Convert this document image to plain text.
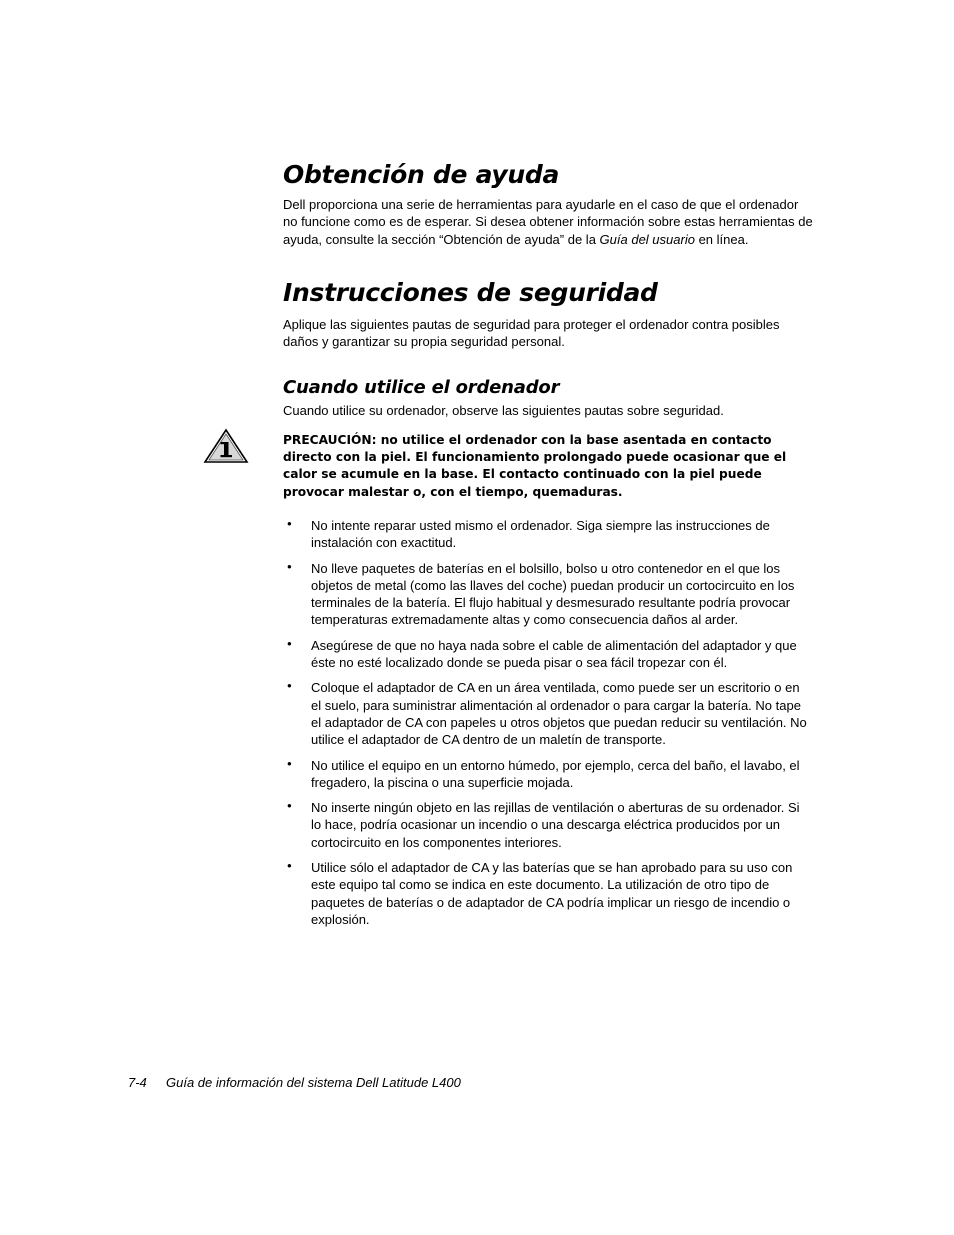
Obtención de ayuda

Dell proporciona una serie de herramientas para ayudarle en el caso de que el ordenador no funcione como es de esperar. Si desea obtener información sobre estas herramientas de ayuda, consulte la sección “Obtención de ayuda” de la Guía del usuario en línea.

Instrucciones de seguridad

Aplique las siguientes pautas de seguridad para proteger el ordenador contra posibles daños y garantizar su propia seguridad personal.

Cuando utilice el ordenador

Cuando utilice su ordenador, observe las siguientes pautas sobre seguridad.

PRECAUCIÓN: no utilice el ordenador con la base asentada en contacto directo con la piel. El funcionamiento prolongado puede ocasionar que el calor se acumule en la base. El contacto continuado con la piel puede provocar malestar o, con el tiempo, quemaduras.

• No intente reparar usted mismo el ordenador. Siga siempre las instrucciones de instalación con exactitud.
• No lleve paquetes de baterías en el bolsillo, bolso u otro contenedor en el que los objetos de metal (como las llaves del coche) puedan producir un cortocircuito en los terminales de la batería. El flujo habitual y desmesurado resultante podría provocar temperaturas extremadamente altas y como consecuencia daños al arder.
• Asegúrese de que no haya nada sobre el cable de alimentación del adaptador y que éste no esté localizado donde se pueda pisar o sea fácil tropezar con él.
• Coloque el adaptador de CA en un área ventilada, como puede ser un escritorio o en el suelo, para suministrar alimentación al ordenador o para cargar la batería. No tape el adaptador de CA con papeles u otros objetos que puedan reducir su ventilación. No utilice el adaptador de CA dentro de un maletín de transporte.
• No utilice el equipo en un entorno húmedo, por ejemplo, cerca del baño, el lavabo, el fregadero, la piscina o una superficie mojada.
• No inserte ningún objeto en las rejillas de ventilación o aberturas de su ordenador. Si lo hace, podría ocasionar un incendio o una descarga eléctrica producidos por un cortocircuito en los componentes interiores.
• Utilice sólo el adaptador de CA y las baterías que se han aprobado para su uso con este equipo tal como se indica en este documento. La utilización de otro tipo de paquetes de baterías o de adaptador de CA podría implicar un riesgo de incendio o explosión.
7-4 Guía de información del sistema Dell Latitude L400
